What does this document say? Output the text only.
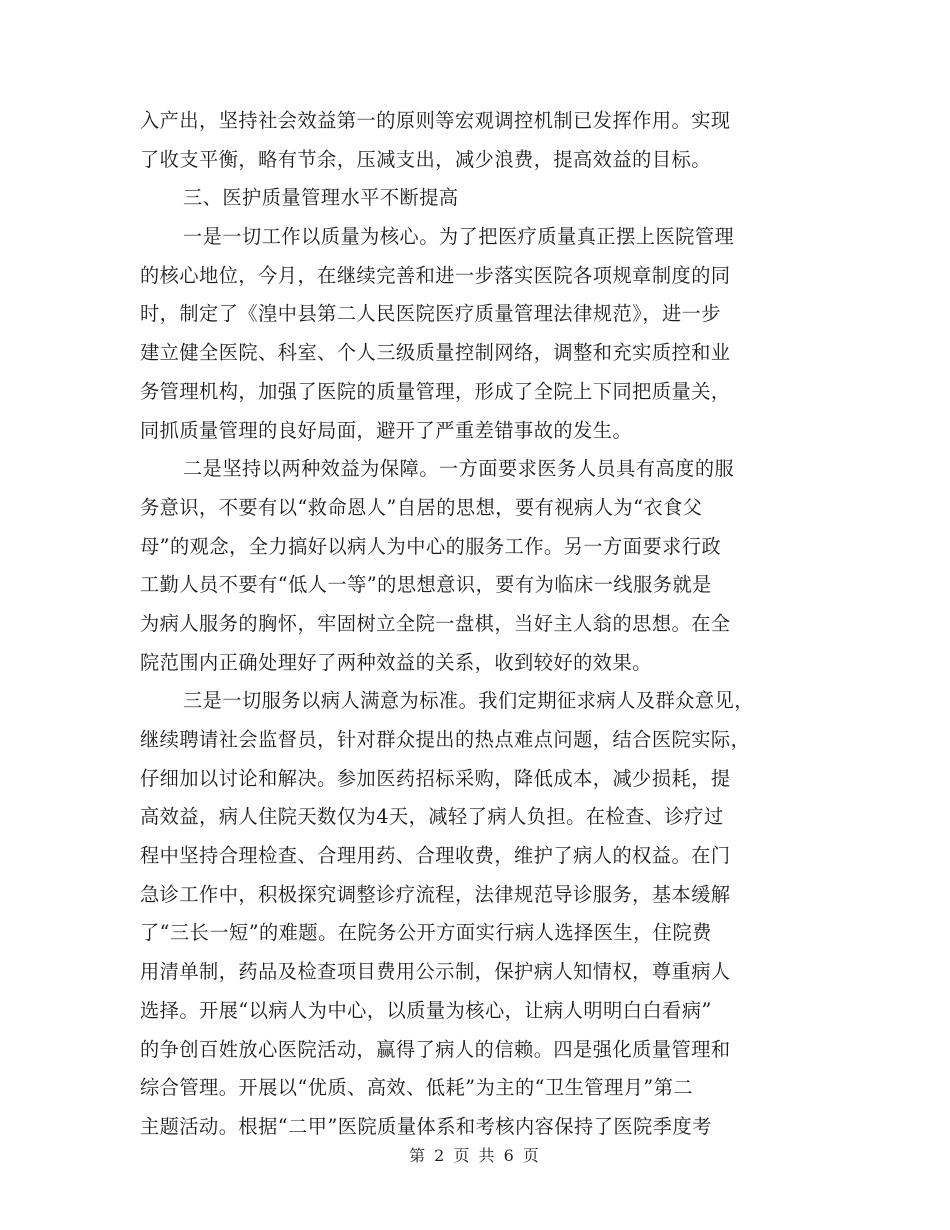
入产出，坚持社会效益第一的原则等宏观调控机制已发挥作用。实现
了收支平衡，略有节余，压减支出，减少浪费，提高效益的目标。
三、医护质量管理水平不断提高
一是一切工作以质量为核心。为了把医疗质量真正摆上医院管理
的核心地位，今月，在继续完善和进一步落实医院各项规章制度的同
时，制定了《湟中县第二人民医院医疗质量管理法律规范》，进一步
建立健全医院、科室、个人三级质量控制网络，调整和充实质控和业
务管理机构，加强了医院的质量管理，形成了全院上下同把质量关，
同抓质量管理的良好局面，避开了严重差错事故的发生。
二是坚持以两种效益为保障。一方面要求医务人员具有高度的服
务意识，不要有以“救命恩人”自居的思想，要有视病人为“衣食父
母”的观念，全力搞好以病人为中心的服务工作。另一方面要求行政
工勤人员不要有“低人一等”的思想意识，要有为临床一线服务就是
为病人服务的胸怀，牢固树立全院一盘棋，当好主人翁的思想。在全
院范围内正确处理好了两种效益的关系，收到较好的效果。
三是一切服务以病人满意为标准。我们定期征求病人及群众意见，
继续聘请社会监督员，针对群众提出的热点难点问题，结合医院实际，
仔细加以讨论和解决。参加医药招标采购，降低成本，减少损耗，提
高效益，病人住院天数仅为4天，减轻了病人负担。在检查、诊疗过
程中坚持合理检查、合理用药、合理收费，维护了病人的权益。在门
急诊工作中，积极探究调整诊疗流程，法律规范导诊服务，基本缓解
了“三长一短”的难题。在院务公开方面实行病人选择医生，住院费
用清单制，药品及检查项目费用公示制，保护病人知情权，尊重病人
选择。开展“以病人为中心，以质量为核心，让病人明明白白看病”
的争创百姓放心医院活动，赢得了病人的信赖。四是强化质量管理和
综合管理。开展以“优质、高效、低耗”为主的“卫生管理月”第二
主题活动。根据“二甲”医院质量体系和考核内容保持了医院季度考
第 2 页 共 6 页
